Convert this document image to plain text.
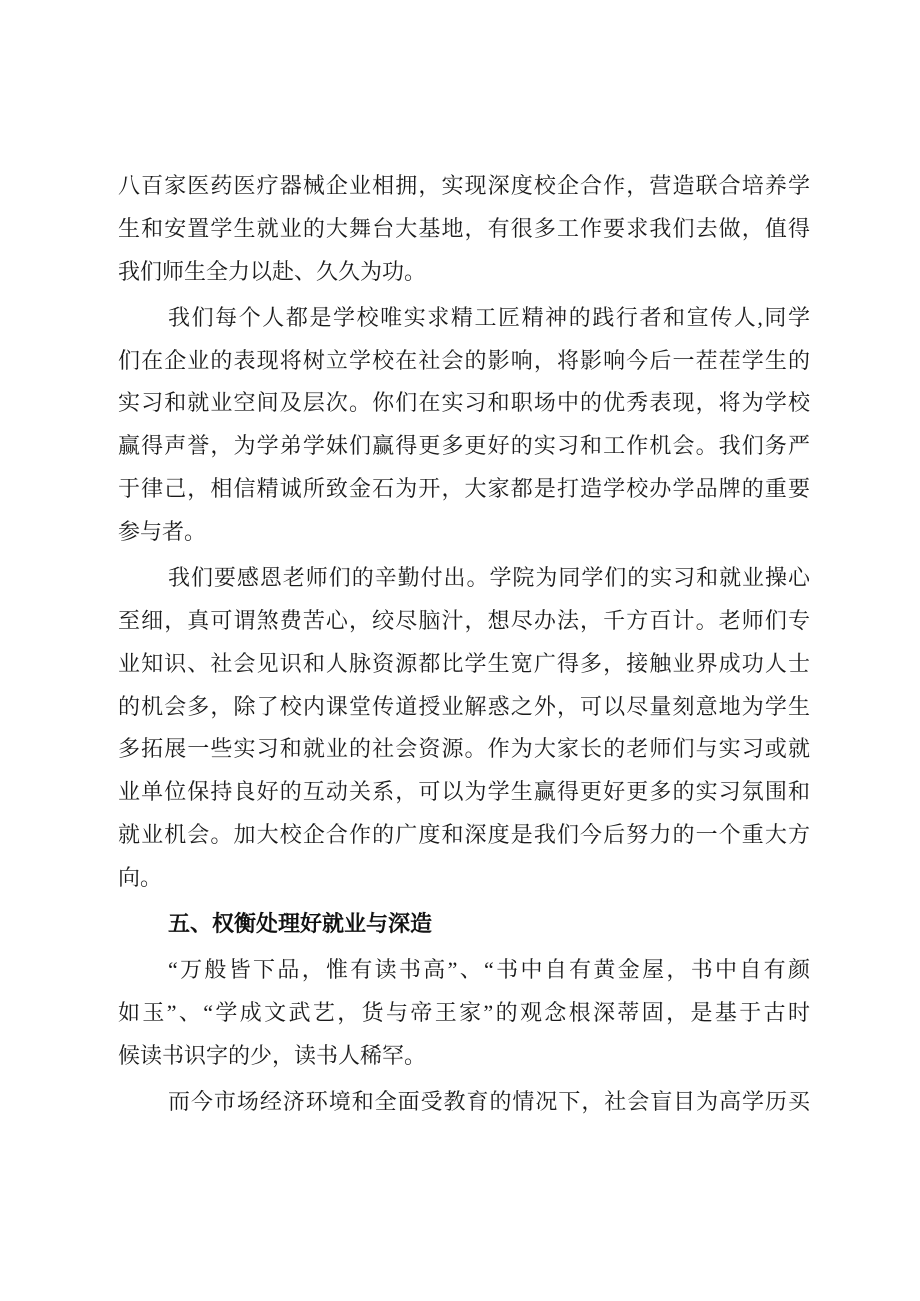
八百家医药医疗器械企业相拥，实现深度校企合作，营造联合培养学
生和安置学生就业的大舞台大基地，有很多工作要求我们去做，值得
我们师生全力以赴、久久为功。
我们每个人都是学校唯实求精工匠精神的践行者和宣传人,同学
们在企业的表现将树立学校在社会的影响，将影响今后一茬茬学生的
实习和就业空间及层次。你们在实习和职场中的优秀表现，将为学校
赢得声誉，为学弟学妹们赢得更多更好的实习和工作机会。我们务严
于律己，相信精诚所致金石为开，大家都是打造学校办学品牌的重要
参与者。
我们要感恩老师们的辛勤付出。学院为同学们的实习和就业操心
至细，真可谓煞费苦心，绞尽脑汁，想尽办法，千方百计。老师们专
业知识、社会见识和人脉资源都比学生宽广得多，接触业界成功人士
的机会多，除了校内课堂传道授业解惑之外，可以尽量刻意地为学生
多拓展一些实习和就业的社会资源。作为大家长的老师们与实习或就
业单位保持良好的互动关系，可以为学生赢得更好更多的实习氛围和
就业机会。加大校企合作的广度和深度是我们今后努力的一个重大方
向。
五、权衡处理好就业与深造
“万般皆下品，惟有读书高”、“书中自有黄金屋，书中自有颜
如玉”、“学成文武艺，货与帝王家”的观念根深蒂固，是基于古时
候读书识字的少，读书人稀罕。
而今市场经济环境和全面受教育的情况下，社会盲目为高学历买
